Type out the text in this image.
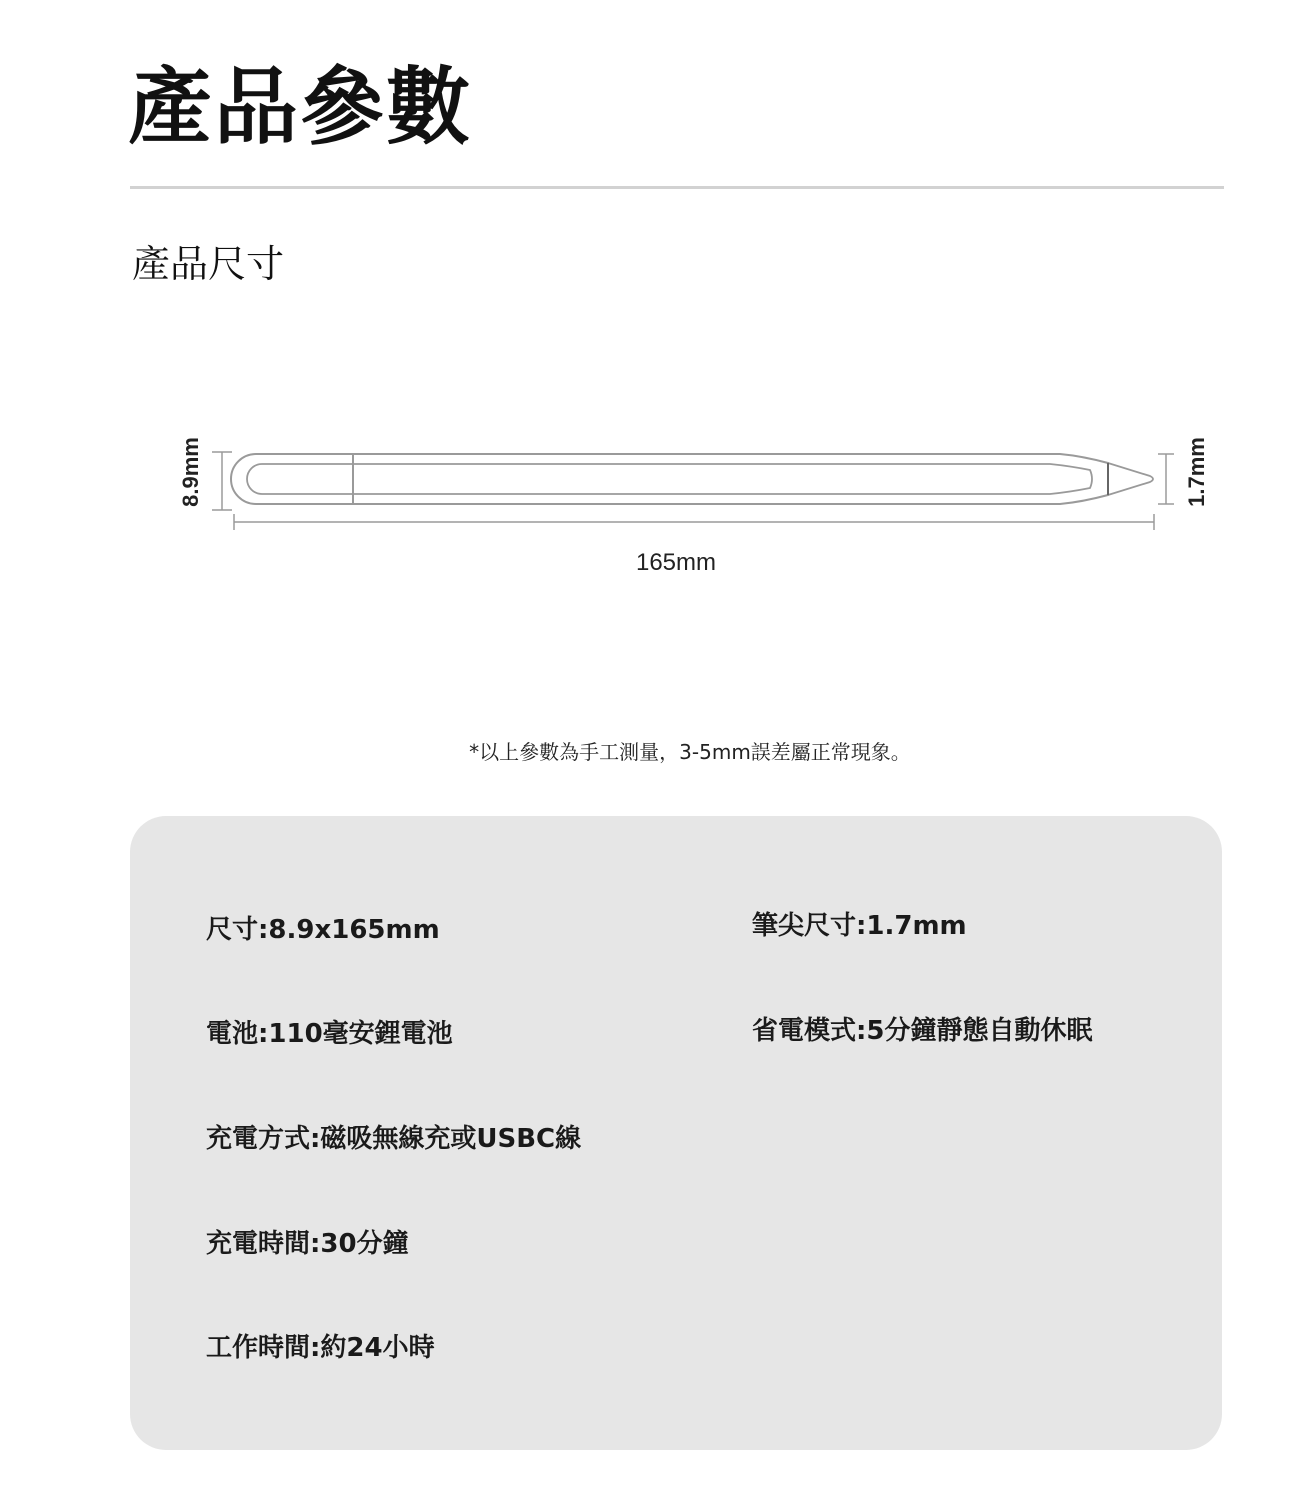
產品參數
產品尺寸
8.9mm
165mm
1.7mm
*以上參數為手工測量，3-5mm誤差屬正常現象。
尺寸:8.9x165mm
電池:110毫安鋰電池
充電方式:磁吸無線充或USBC線
充電時間:30分鐘
工作時間:約24小時
筆尖尺寸:1.7mm
省電模式:5分鐘靜態自動休眠
